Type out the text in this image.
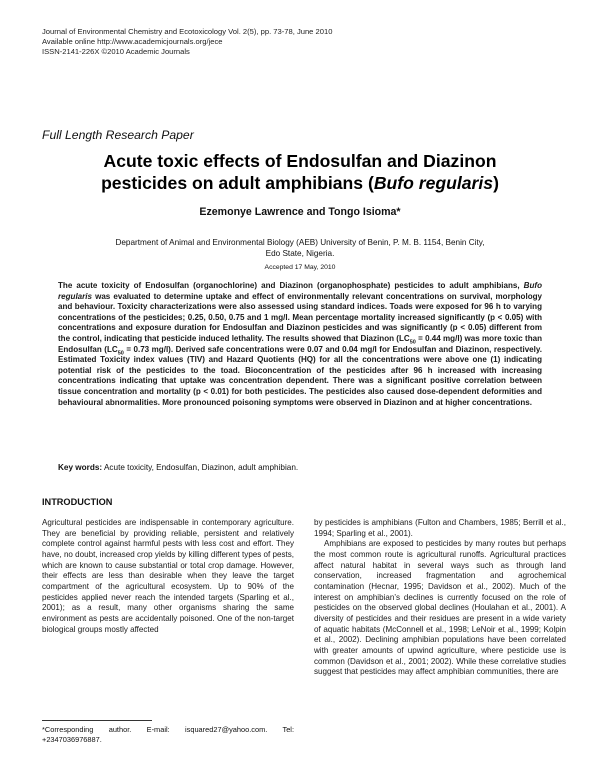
Journal of Environmental Chemistry and Ecotoxicology Vol. 2(5), pp. 73-78, June 2010
Available online http://www.academicjournals.org/jece
ISSN-2141-226X ©2010 Academic Journals
Full Length Research Paper
Acute toxic effects of Endosulfan and Diazinon
pesticides on adult amphibians (Bufo regularis)
Ezemonye Lawrence and Tongo Isioma*
Department of Animal and Environmental Biology (AEB) University of Benin, P. M. B. 1154, Benin City,
Edo State, Nigeria.
Accepted 17 May, 2010
The acute toxicity of Endosulfan (organochlorine) and Diazinon (organophosphate) pesticides to adult amphibians, Bufo regularis was evaluated to determine uptake and effect of environmentally relevant concentrations on survival, morphology and behaviour. Toxicity characterizations were also assessed using standard indices. Toads were exposed for 96 h to varying concentrations of the pesticides; 0.25, 0.50, 0.75 and 1 mg/l. Mean percentage mortality increased significantly (p < 0.05) with concentrations and exposure duration for Endosulfan and Diazinon pesticides and was significantly (p < 0.05) different from the control, indicating that pesticide induced lethality. The results showed that Diazinon ($LC_{50} = 0.44$ mg/l) was more toxic than Endosulfan ($LC_{50} = 0.73$ mg/l). Derived safe concentrations were 0.07 and 0.04 mg/l for Endosulfan and Diazinon, respectively. Estimated Toxicity index values (TIV) and Hazard Quotients (HQ) for all the concentrations were above one (1) indicating potential risk of the pesticides to the toad. Bioconcentration of the pesticides after 96 h increased with increasing concentrations indicating that uptake was concentration dependent. There was a significant positive correlation between tissue concentration and mortality (p < 0.01) for both pesticides. The pesticides also caused dose-dependent deformities and behavioural abnormalities. More pronounced poisoning symptoms were observed in Diazinon and at higher concentrations.
Key words: Acute toxicity, Endosulfan, Diazinon, adult amphibian.
INTRODUCTION

Agricultural pesticides are indispensable in contemporary agriculture. They are beneficial by providing reliable, persistent and relatively complete control against harmful pests with less cost and effort. They have, no doubt, increased crop yields by killing different types of pests, which are known to cause substantial or total crop damage. However, their effects are less than desirable when they leave the target compartment of the agricultural ecosystem. Up to 90% of the pesticides applied never reach the intended targets (Sparling et al., 2001); as a result, many other organisms sharing the same environment as pests are accidentally poisoned. One of the non-target biological groups mostly affected

by pesticides is amphibians (Fulton and Chambers, 1985; Berrill et al., 1994; Sparling et al., 2001).

Amphibians are exposed to pesticides by many routes but perhaps the most common route is agricultural runoffs. Agricultural practices affect natural habitat in several ways such as through land conservation, increased fragmentation and agrochemical contamination (Hecnar, 1995; Davidson et al., 2002). Much of the interest on amphibian’s declines is currently focused on the role of pesticides on the observed global declines (Houlahan et al., 2001). A diversity of pesticides and their residues are present in a wide variety of aquatic habitats (McConnell et al., 1998; LeNoir et al., 1999; Kolpin et al., 2002). Declining amphibian populations have been correlated with greater amounts of upwind agriculture, where pesticide use is common (Davidson et al., 2001; 2002). While these correlative studies suggest that pesticides may affect amphibian communities, there are

*Corresponding author. E-mail: isquared27@yahoo.com. Tel: +2347036976887.
